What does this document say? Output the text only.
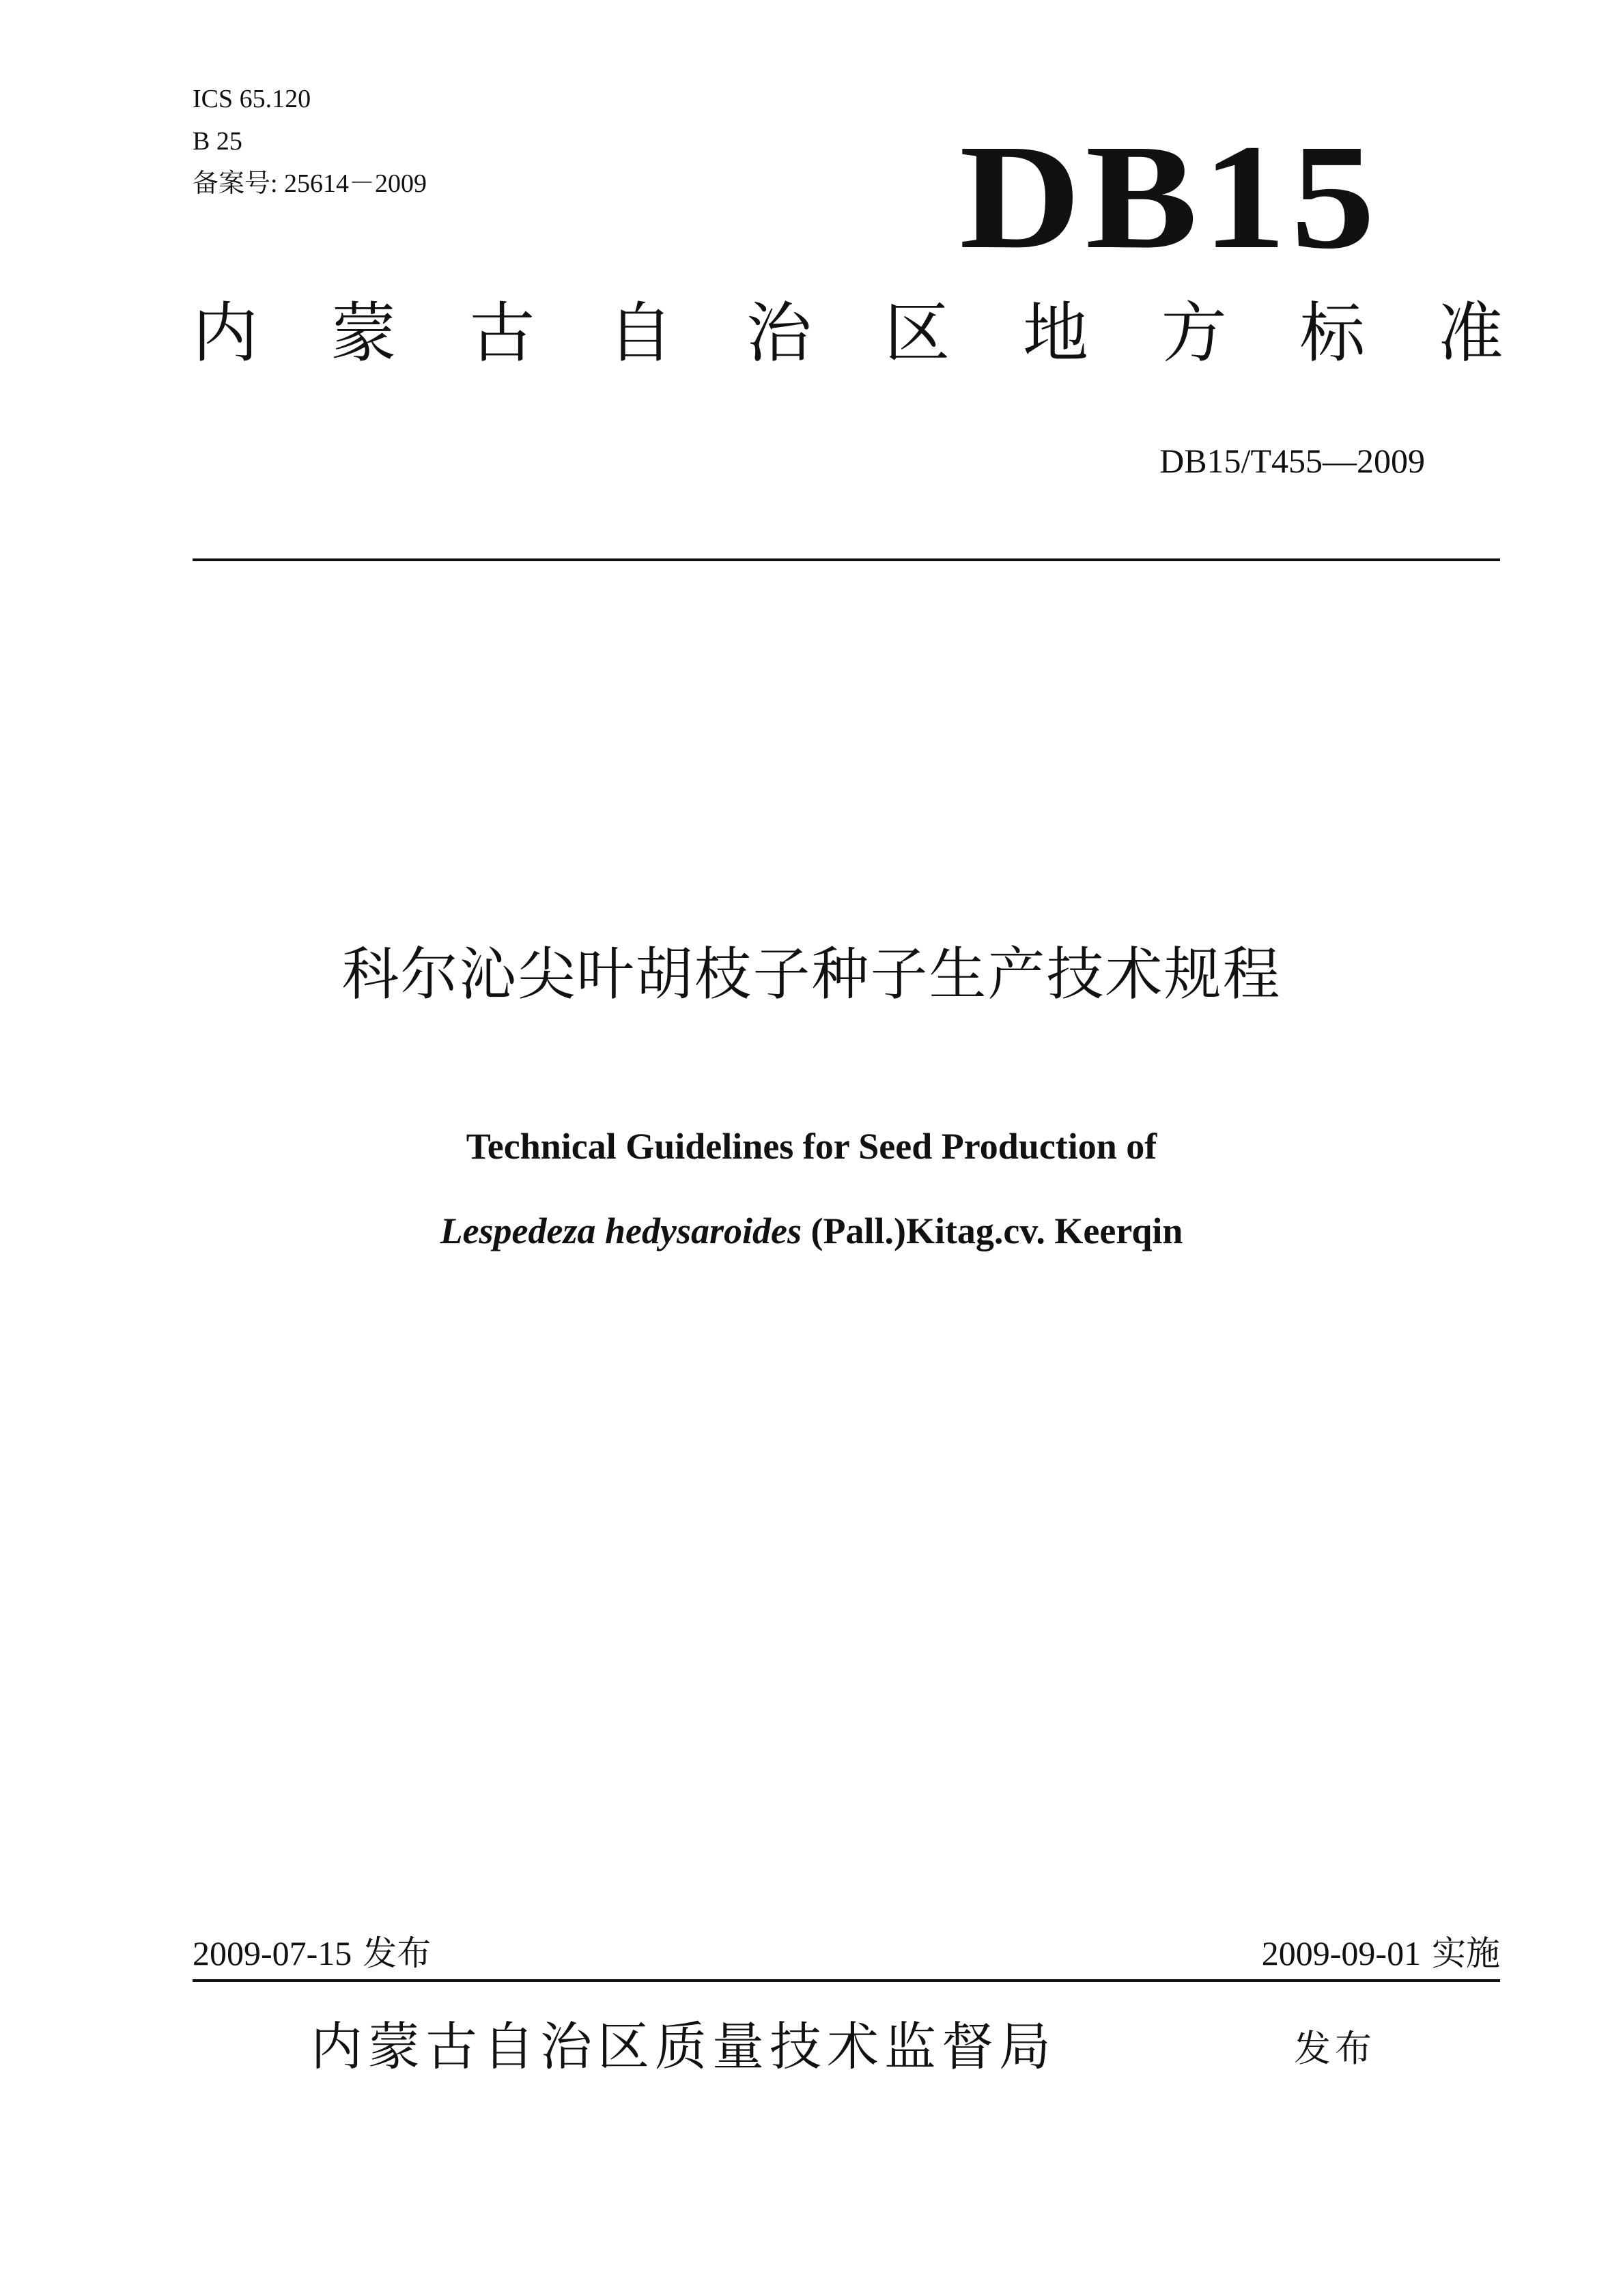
ICS 65.120
B 25
备案号: 25614－2009	DB15
内 蒙 古 自 治 区 地 方 标 准
DB15/T455—2009
科尔沁尖叶胡枝子种子生产技术规程
Technical Guidelines for Seed Production of
Lespedeza hedysaroides (Pall.)Kitag.cv. Keerqin
2009-07-15 发布	2009-09-01 实施
内蒙古自治区质量技术监督局	发布
